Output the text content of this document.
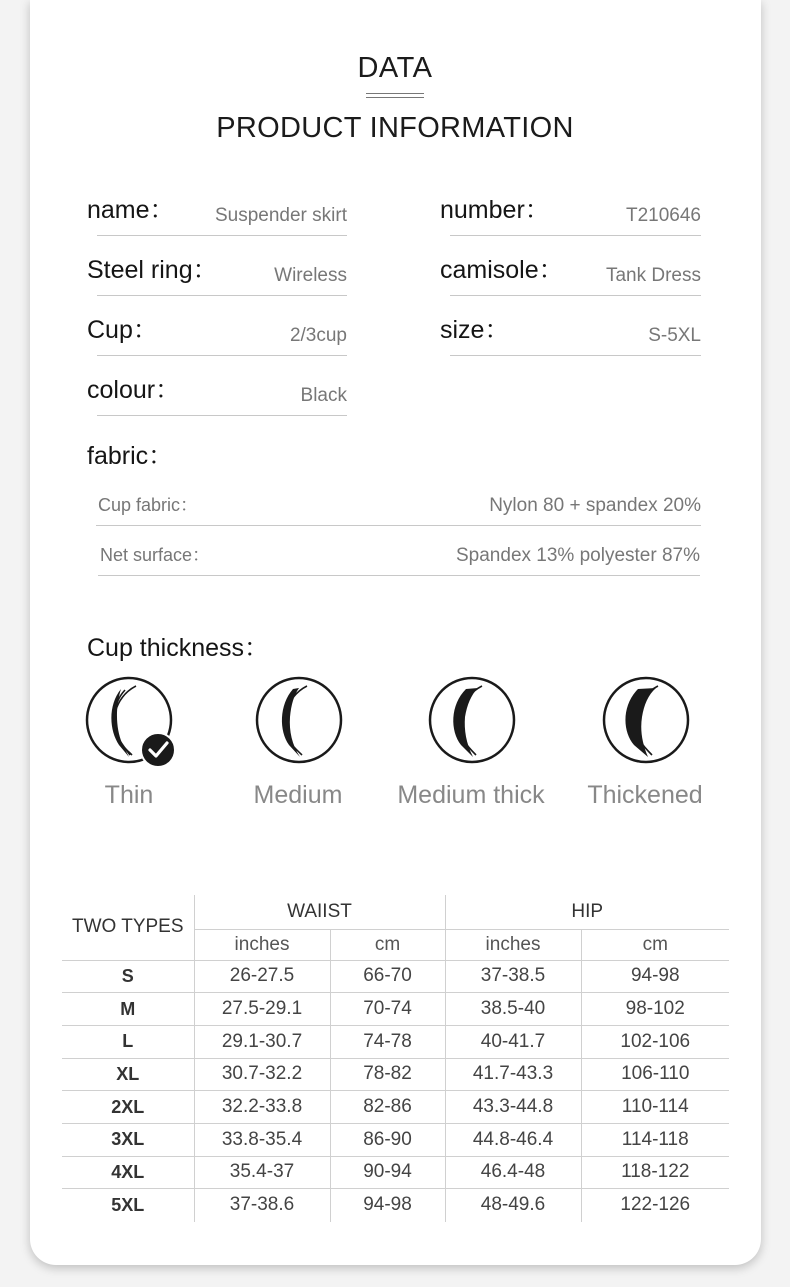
DATA
PRODUCT INFORMATION
name： Suspender skirt	number：	T210646
Steel ring：	Wireless	camisole： Tank Dress
Cup：	2/3cup	size：	S-5XL
colour：	Black
fabric：
Cup fabric：	Nylon 80 + spandex 20%
Net surface：	Spandex 13% polyester 87%
Cup thickness：
Thin	Medium	Medium thick	Thickened
TWO TYPES	WAIIST		HIP	
	inches	cm	inches	cm
S	26-27.5	66-70	37-38.5	94-98
M	27.5-29.1	70-74	38.5-40	98-102
L	29.1-30.7	74-78	40-41.7	102-106
XL	30.7-32.2	78-82	41.7-43.3	106-110
2XL	32.2-33.8	82-86	43.3-44.8	110-114
3XL	33.8-35.4	86-90	44.8-46.4	114-118
4XL	35.4-37	90-94	46.4-48	118-122
5XL	37-38.6	94-98	48-49.6	122-126
